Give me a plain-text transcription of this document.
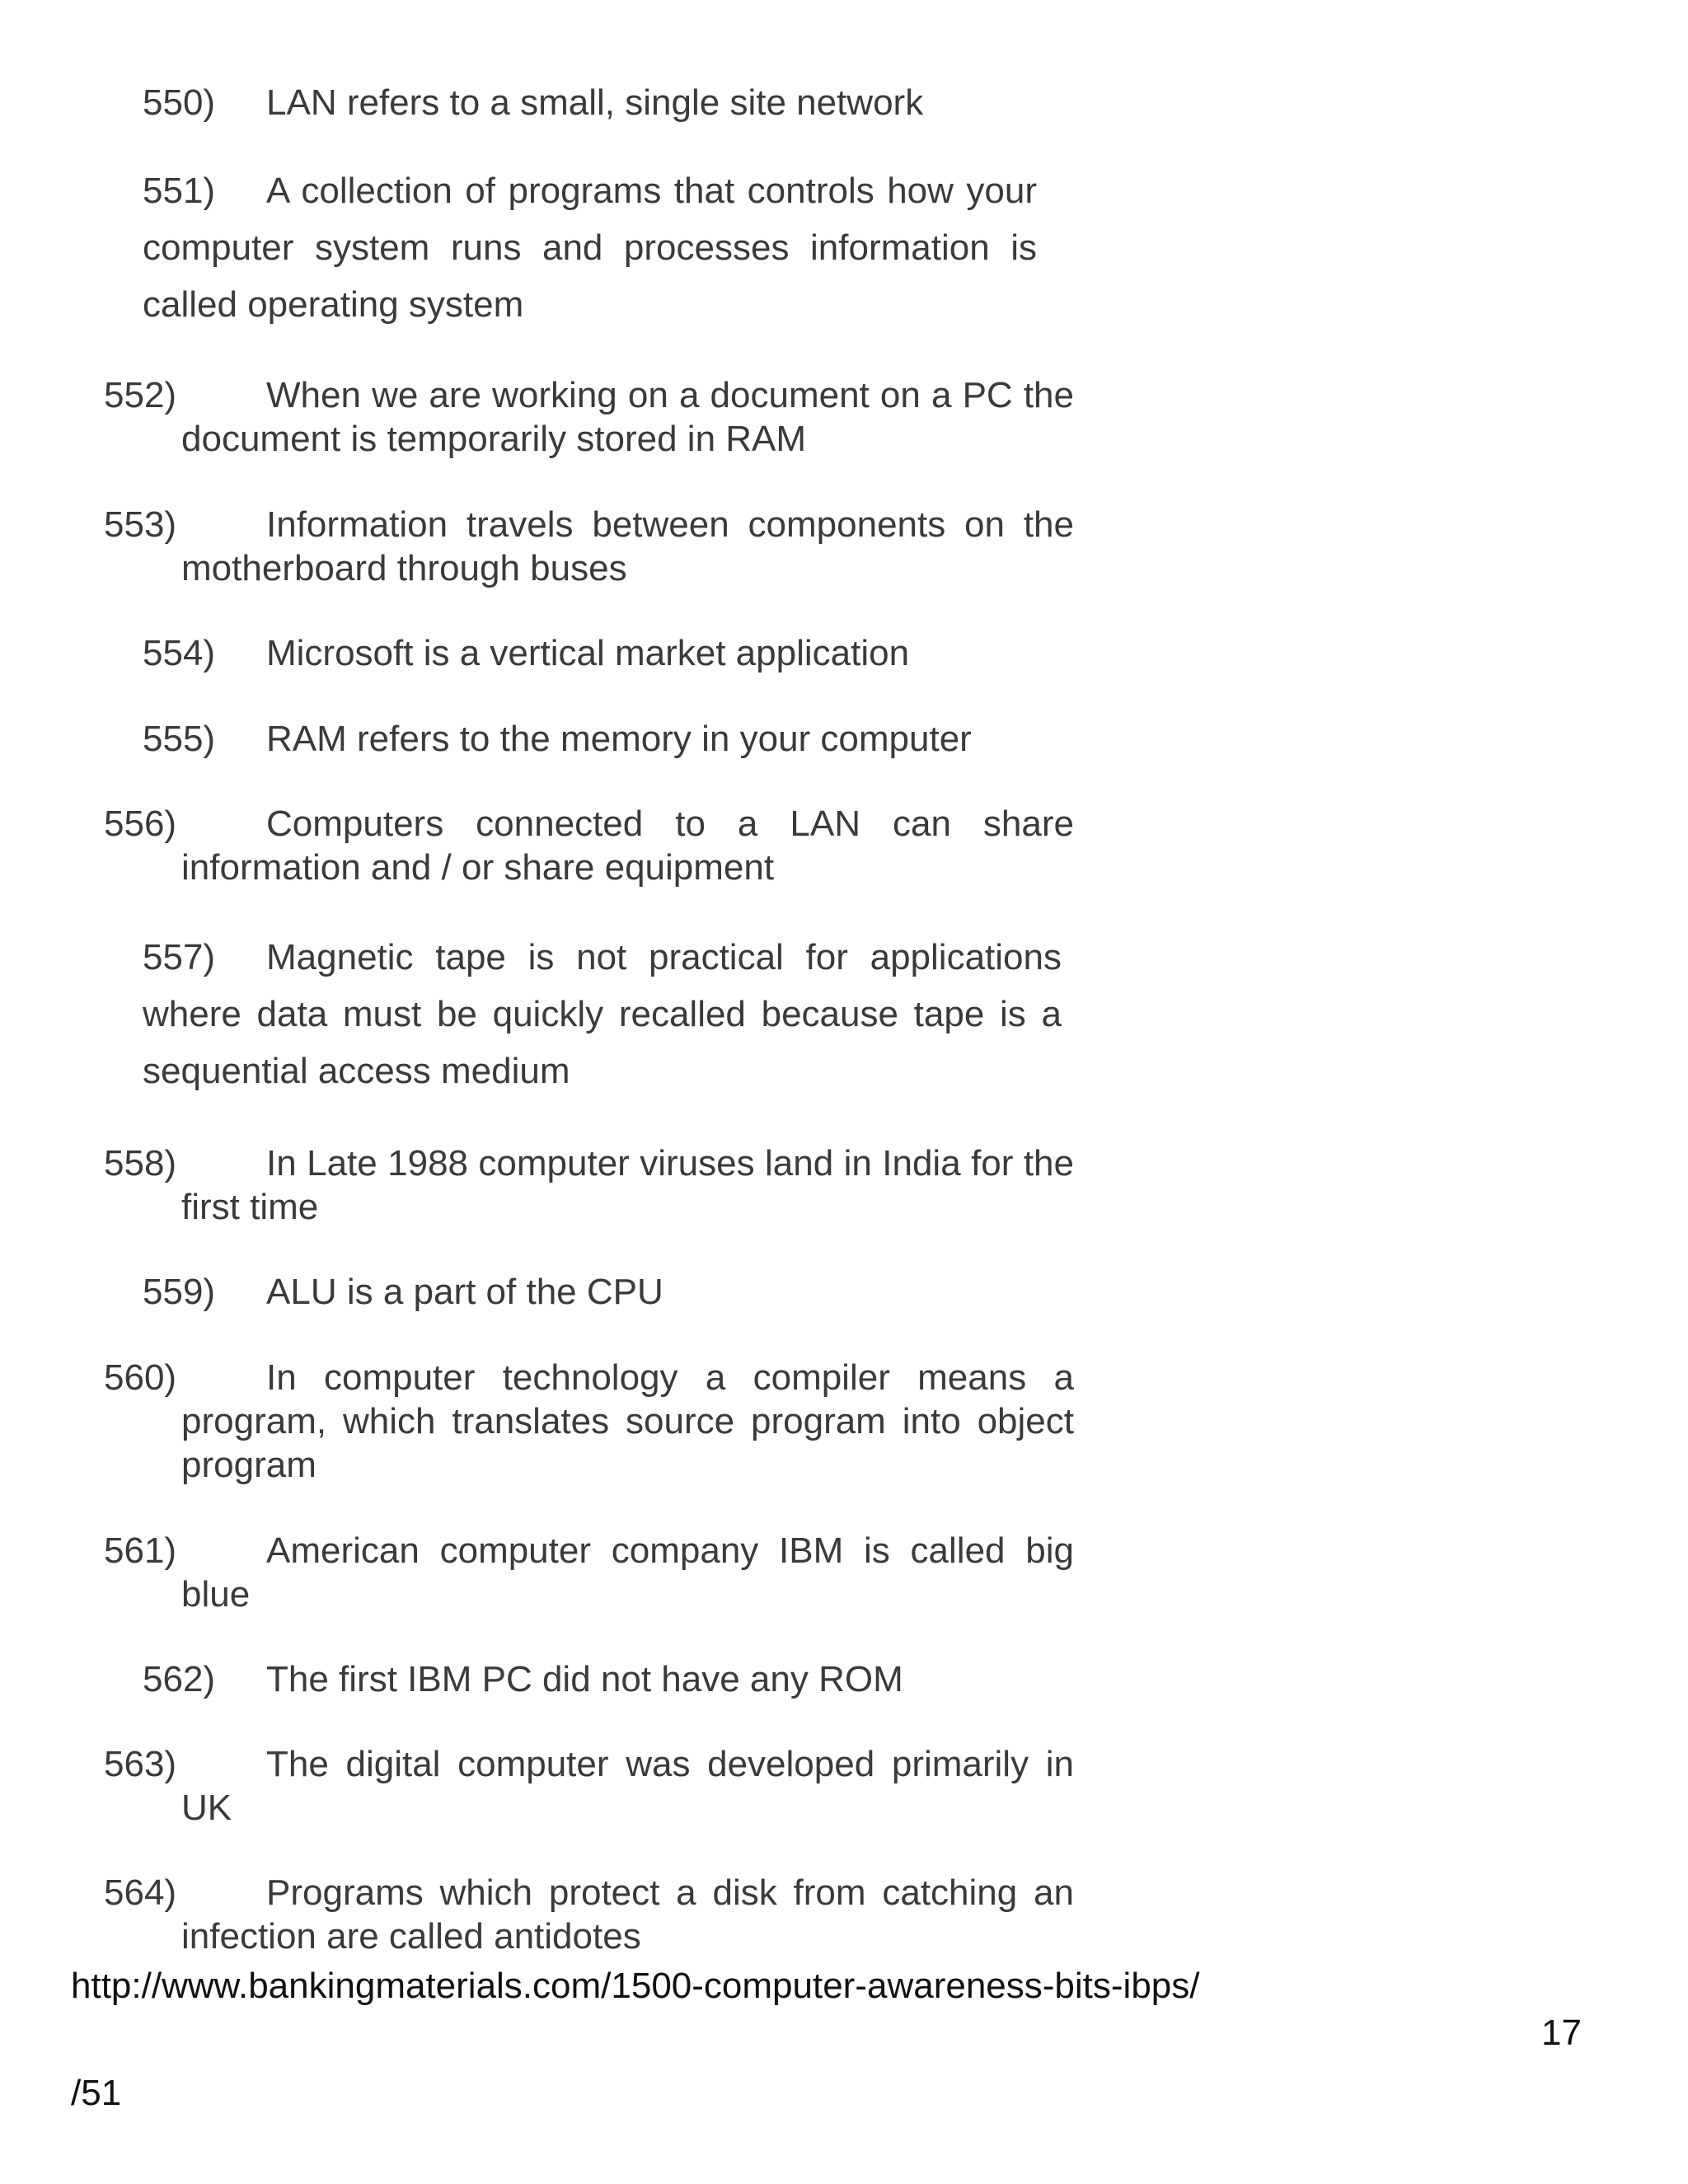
550) LAN refers to a small, single site network
551) A collection of programs that controls how your computer system runs and processes information is called operating system
552) When we are working on a document on a PC the document is temporarily stored in RAM
553) Information travels between components on the motherboard through buses
554) Microsoft is a vertical market application
555) RAM refers to the memory in your computer
556) Computers connected to a LAN can share information and / or share equipment
557) Magnetic tape is not practical for applications where data must be quickly recalled because tape is a sequential access medium
558) In Late 1988 computer viruses land in India for the first time
559) ALU is a part of the CPU
560) In computer technology a compiler means a program, which translates source program into object program
561) American computer company IBM is called big blue
562) The first IBM PC did not have any ROM
563) The digital computer was developed primarily in UK
564) Programs which protect a disk from catching an infection are called antidotes
http://www.bankingmaterials.com/1500-computer-awareness-bits-ibps/
17
/51
